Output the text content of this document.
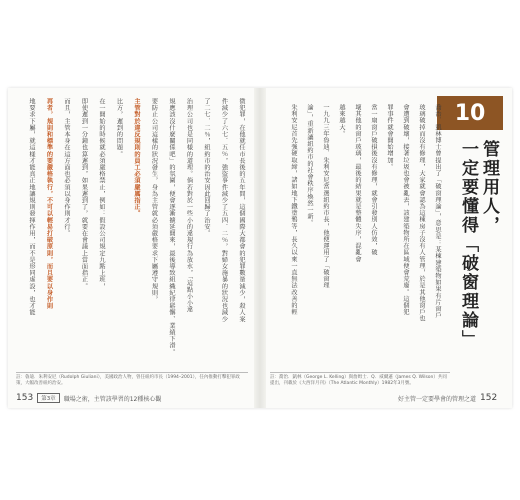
10
管理用人，
一定要懂得「破窗理論」
喬治．凱林博士曾提出了「破窗理論」，意思是：某棟建築物如果有片窗戶
玻璃破掉而沒有修理，大家就會認為這棟房子沒有人管理，於是其他窗戶也
會遭到破壞，接著垃圾也會被亂丟，該建築物所在區域便會荒廢。這個犯
罪事件就會開始增加。
當一扇窗戶破損後沒有修理，就會引發別人仿效，破
壞其他的窗戶玻璃，最後的結果就是整體失序，混亂會
越來越大。
一九九三年魯迪．朱利安尼當選紐約市長，他便運用了「破窗理
論」，重新讓紐約市的社會秩序煥然一新。
朱利安尼首先強硬取締，諸如地下鐵塗鴉等，長久以來一直無法改善的輕
註：喬治．凱林（George L. Kelling）與詹姆士．Q．威爾遜（James Q. Wilson）共同提出，刊載於《大西洋月刊》（The Atlantic Monthly）1982年3月號。
好主管一定要學會的管理之道 152
微犯罪，在他就任市長後的五年間，這個國際大都會的犯罪數量減少，殺人案
件減少了六七．五％，強盜事件減少了五四．二％，對婦女施暴的狀況也減少
了二七．二％，紐約市的治安因此回歸了治安。
治理公司也是同樣的道理。倘若對於一些小的違規行為放水，「這點小小違
規應該沒什麼關係吧」的氛圍，便會逐漸擴延開來，最後導致組織紀律鬆懈、業績下滑。
要防止公司這樣的狀況發生，身為主管就必須嚴格要求下屬遵守規則，
主管對於違反規則的員工必須嚴厲指正。
比方，遲到的問題。
在一開始的時候就必須嚴格禁止，例如：假設公司規定九點上班，
即使遲到一分鐘也算遲到，如果遲到了，就要在會議上當面指正。
而且，主管本身在這方面也必須以身作則才行。
再者，規則和標準的要嚴格執行，不可以輕易打破原則，而且要以身作則
地要求下屬，就這樣才能真正地讓規則發揮作用，而不是形同虛設，也才能
註：魯迪．朱利安尼（Rudolph Giuliani），美國政治人物，曾任紐約市長（1994–2001），任內推動打擊犯罪政策，大幅改善紐約治安。
153	第3章	職場之術，主管該學習的12種核心觀
